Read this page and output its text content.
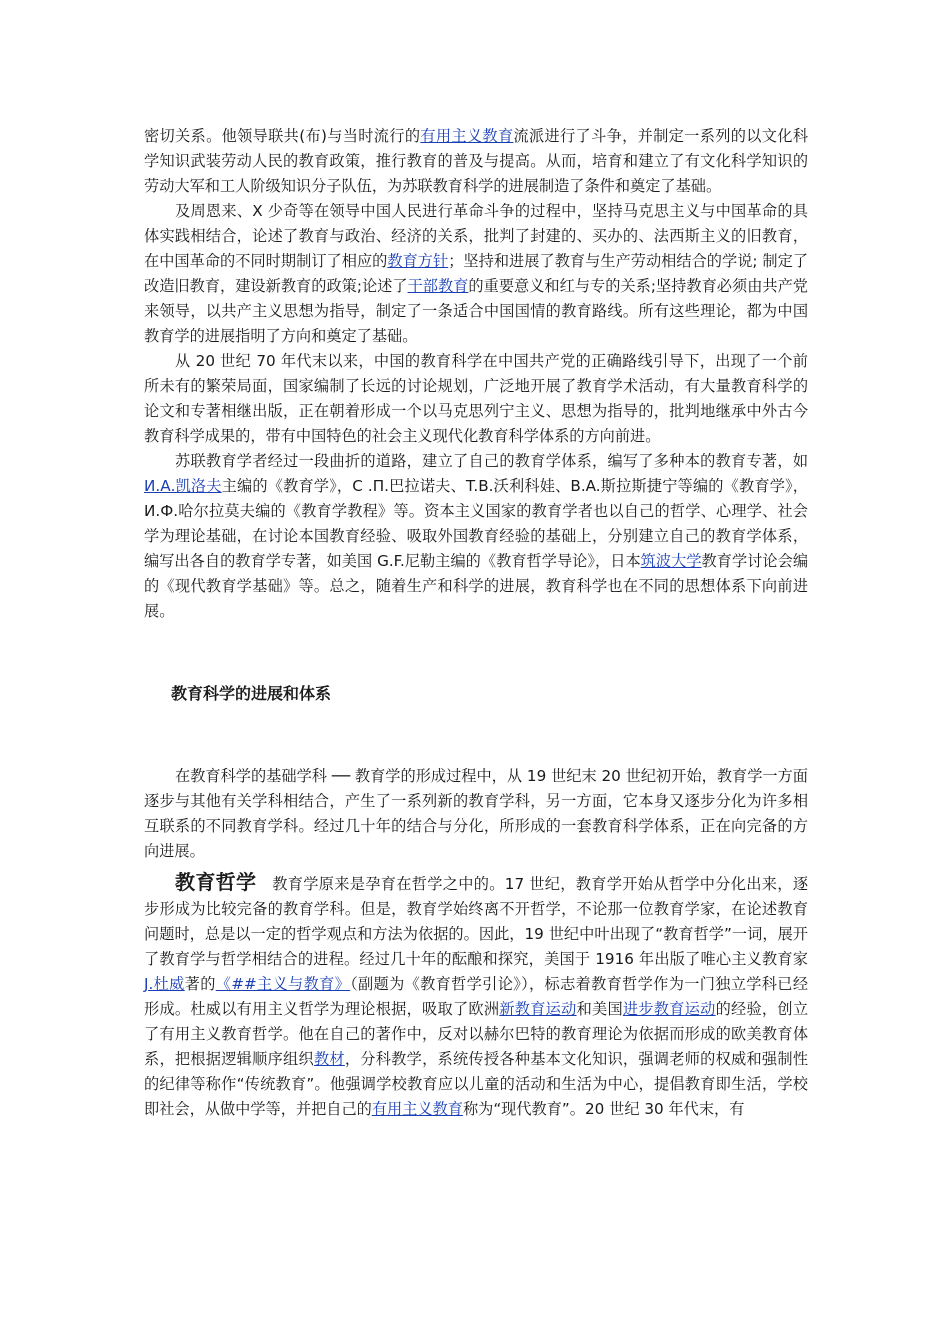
密切关系。他领导联共(布)与当时流行的有用主义教育流派进行了斗争，并制定一系列的以文化科学知识武装劳动人民的教育政策，推行教育的普及与提高。从而，培育和建立了有文化科学知识的劳动大军和工人阶级知识分子队伍，为苏联教育科学的进展制造了条件和奠定了基础。

及周恩来、X 少奇等在领导中国人民进行革命斗争的过程中，坚持马克思主义与中国革命的具体实践相结合，论述了教育与政治、经济的关系，批判了封建的、买办的、法西斯主义的旧教育，在中国革命的不同时期制订了相应的教育方针；坚持和进展了教育与生产劳动相结合的学说; 制定了改造旧教育，建设新教育的政策;论述了干部教育的重要意义和红与专的关系;坚持教育必须由共产党来领导，以共产主义思想为指导，制定了一条适合中国国情的教育路线。所有这些理论，都为中国教育学的进展指明了方向和奠定了基础。

从 20 世纪 70 年代末以来，中国的教育科学在中国共产党的正确路线引导下，出现了一个前所未有的繁荣局面，国家编制了长远的讨论规划，广泛地开展了教育学术活动，有大量教育科学的论文和专著相继出版，正在朝着形成一个以马克思列宁主义、思想为指导的，批判地继承中外古今教育科学成果的，带有中国特色的社会主义现代化教育科学体系的方向前进。

苏联教育学者经过一段曲折的道路，建立了自己的教育学体系，编写了多种本的教育专著，如 И.А.凯洛夫主编的《教育学》，С .П.巴拉诺夫、T.B.沃利科娃、B.A.斯拉斯捷宁等编的《教育学》，И.Ф.哈尔拉莫夫编的《教育学教程》等。资本主义国家的教育学者也以自己的哲学、心理学、社会学为理论基础，在讨论本国教育经验、吸取外国教育经验的基础上，分别建立自己的教育学体系，编写出各自的教育学专著，如美国 G.F.尼勒主编的《教育哲学导论》，日本筑波大学教育学讨论会编的《现代教育学基础》等。总之，随着生产和科学的进展，教育科学也在不同的思想体系下向前进展。

教育科学的进展和体系

在教育科学的基础学科 ── 教育学的形成过程中，从 19 世纪末 20 世纪初开始，教育学一方面逐步与其他有关学科相结合，产生了一系列新的教育学科，另一方面，它本身又逐步分化为许多相互联系的不同教育学科。经过几十年的结合与分化，所形成的一套教育科学体系，正在向完备的方向进展。

教育哲学 教育学原来是孕育在哲学之中的。17 世纪，教育学开始从哲学中分化出来，逐步形成为比较完备的教育学科。但是，教育学始终离不开哲学，不论那一位教育学家，在论述教育问题时，总是以一定的哲学观点和方法为依据的。因此，19 世纪中叶出现了“教育哲学”一词，展开了教育学与哲学相结合的进程。经过几十年的酝酿和探究，美国于 1916 年出版了唯心主义教育家J.杜威著的《##主义与教育》（副题为《教育哲学引论》），标志着教育哲学作为一门独立学科已经形成。杜威以有用主义哲学为理论根据，吸取了欧洲新教育运动和美国进步教育运动的经验，创立了有用主义教育哲学。他在自己的著作中，反对以赫尔巴特的教育理论为依据而形成的欧美教育体系，把根据逻辑顺序组织教材，分科教学，系统传授各种基本文化知识，强调老师的权威和强制性的纪律等称作“传统教育”。他强调学校教育应以儿童的活动和生活为中心，提倡教育即生活，学校即社会，从做中学等，并把自己的有用主义教育称为“现代教育”。20 世纪 30 年代末，有
